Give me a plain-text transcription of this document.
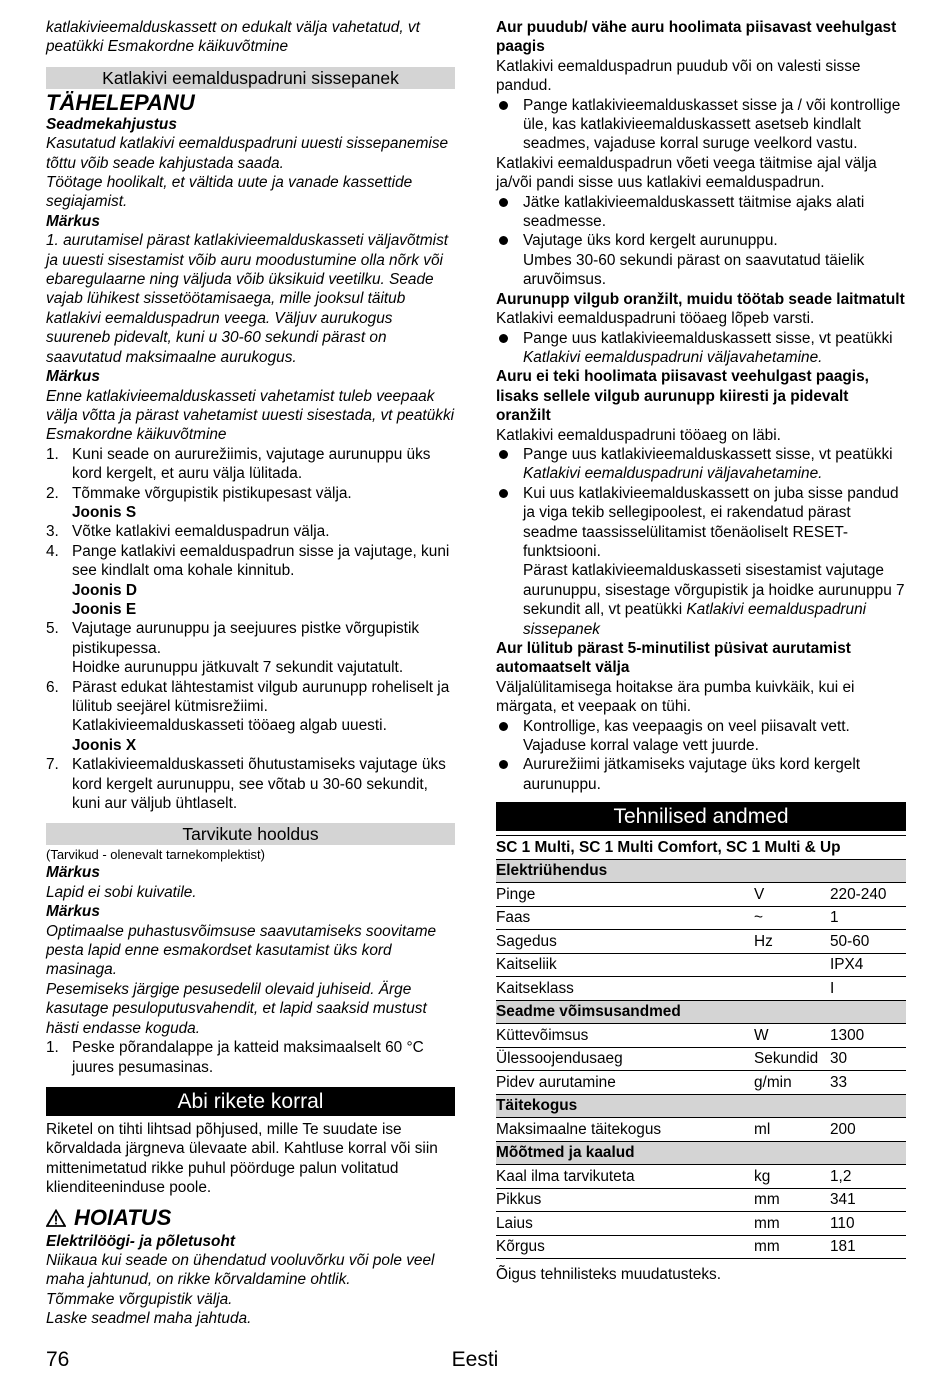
katlakivieemalduskassett on edukalt välja vahetatud, vt peatükki Esmakordne käikuvõtmine

Katlakivi eemalduspadruni sissepanek
TÄHELEPANU

Seadmekahjustus

Kasutatud katlakivi eemalduspadruni uuesti sissepanemise tõttu võib seade kahjustada saada.

Töötage hoolikalt, et vältida uute ja vanade kassettide segiajamist.

Märkus

1. aurutamisel pärast katlakivieemalduskasseti väljavõtmist ja uuesti sisestamist võib auru moodustumine olla nõrk või ebaregulaarne ning väljuda võib üksikuid veetilku. Seade vajab lühikest sissetöötamisaega, mille jooksul täitub katlakivi eemalduspadrun veega. Väljuv aurukogus suureneb pidevalt, kuni u 30-60 sekundi pärast on saavutatud maksimaalne aurukogus.

Märkus

Enne katlakivieemalduskasseti vahetamist tuleb veepaak välja võtta ja pärast vahetamist uuesti sisestada, vt peatükki Esmakordne käikuvõtmine

1. Kuni seade on aururežiimis, vajutage aurunuppu üks kord kergelt, et auru välja lülitada.
2. Tõmmake võrgupistik pistikupesast välja.
Joonis S
3. Võtke katlakivi eemalduspadrun välja.
4. Pange katlakivi eemalduspadrun sisse ja vajutage, kuni see kindlalt oma kohale kinnitub.
Joonis D
Joonis E
5. Vajutage aurunuppu ja seejuures pistke võrgupistik pistikupessa.
Hoidke aurunuppu jätkuvalt 7 sekundit vajutatult.
6. Pärast edukat lähtestamist vilgub aurunupp roheliselt ja lülitub seejärel kütmisrežiimi.
Katlakivieemalduskasseti tööaeg algab uuesti.
Joonis X
7. Katlakivieemalduskasseti õhutustamiseks vajutage üks kord kergelt aurunuppu, see võtab u 30-60 sekundit, kuni aur väljub ühtlaselt.
Tarvikute hooldus

(Tarvikud - olenevalt tarnekomplektist)

Märkus

Lapid ei sobi kuivatile.

Märkus

Optimaalse puhastusvõimsuse saavutamiseks soovitame pesta lapid enne esmakordset kasutamist üks kord masinaga.

Pesemiseks järgige pesusedelil olevaid juhiseid. Ärge kasutage pesuloputusvahendit, et lapid saaksid mustust hästi endasse koguda.

1. Peske põrandalappe ja katteid maksimaalselt 60 °C juures pesumasinas.
Abi rikete korral

Riketel on tihti lihtsad põhjused, mille Te suudate ise kõrvaldada järgneva ülevaate abil. Kahtluse korral või siin mittenimetatud rikke puhul pöörduge palun volitatud klienditeeninduse poole.

HOIATUS

Elektrilöögi- ja põletusoht

Niikaua kui seade on ühendatud vooluvõrku või pole veel maha jahtunud, on rikke kõrvaldamine ohtlik.

Tõmmake võrgupistik välja.

Laske seadmel maha jahtuda.

Aur puudub/ vähe auru hoolimata piisavast veehulgast paagis

Katlakivi eemalduspadrun puudub või on valesti sisse pandud.

Pange katlakivieemalduskasset sisse ja / või kontrollige üle, kas katlakivieemalduskassett asetseb kindlalt seadmes, vajaduse korral suruge veelkord vastu.

Katlakivi eemalduspadrun võeti veega täitmise ajal välja ja/või pandi sisse uus katlakivi eemalduspadrun.

Jätke katlakivieemalduskassett täitmise ajaks alati seadmesse.
Vajutage üks kord kergelt aurunuppu.
Umbes 30-60 sekundi pärast on saavutatud täielik aruvõimsus.

Aurunupp vilgub oranžilt, muidu töötab seade laitmatult

Katlakivi eemalduspadruni tööaeg lõpeb varsti.

Pange uus katlakivieemalduskassett sisse, vt peatükki Katlakivi eemalduspadruni väljavahetamine.

Auru ei teki hoolimata piisavast veehulgast paagis, lisaks sellele vilgub aurunupp kiiresti ja pidevalt oranžilt

Katlakivi eemalduspadruni tööaeg on läbi.

Pange uus katlakivieemalduskassett sisse, vt peatükki Katlakivi eemalduspadruni väljavahetamine.
Kui uus katlakivieemalduskassett on juba sisse pandud ja viga tekib sellegipoolest, ei rakendatud pärast seadme taassisselülitamist tõenäoliselt RESET-funktsiooni.
Pärast katlakivieemalduskasseti sisestamist vajutage aurunuppu, sisestage võrgupistik ja hoidke aurunuppu 7 sekundit all, vt peatükki Katlakivi eemalduspadruni sissepanek

Aur lülitub pärast 5-minutilist püsivat aurutamist automaatselt välja

Väljalülitamisega hoitakse ära pumba kuivkäik, kui ei märgata, et veepaak on tühi.

Kontrollige, kas veepaagis on veel piisavalt vett. Vajaduse korral valage vett juurde.
Aururežiimi jätkamiseks vajutage üks kord kergelt aurunuppu.
Tehnilised andmed
SC 1 Multi, SC 1 Multi Comfort, SC 1 Multi & Up		
Elektriühendus		
Pinge	V	220-240
Faas	~	1
Sagedus	Hz	50-60
Kaitseliik		IPX4
Kaitseklass		I
Seadme võimsusandmed		
Küttevõimsus	W	1300
Ülessoojendusaeg	Sekundid	30
Pidev aurutamine	g/min	33
Täitekogus		
Maksimaalne täitekogus	ml	200
Mõõtmed ja kaalud		
Kaal ilma tarvikuteta	kg	1,2
Pikkus	mm	341
Laius	mm	110
Kõrgus	mm	181

Õigus tehnilisteks muudatusteks.

76	Eesti
